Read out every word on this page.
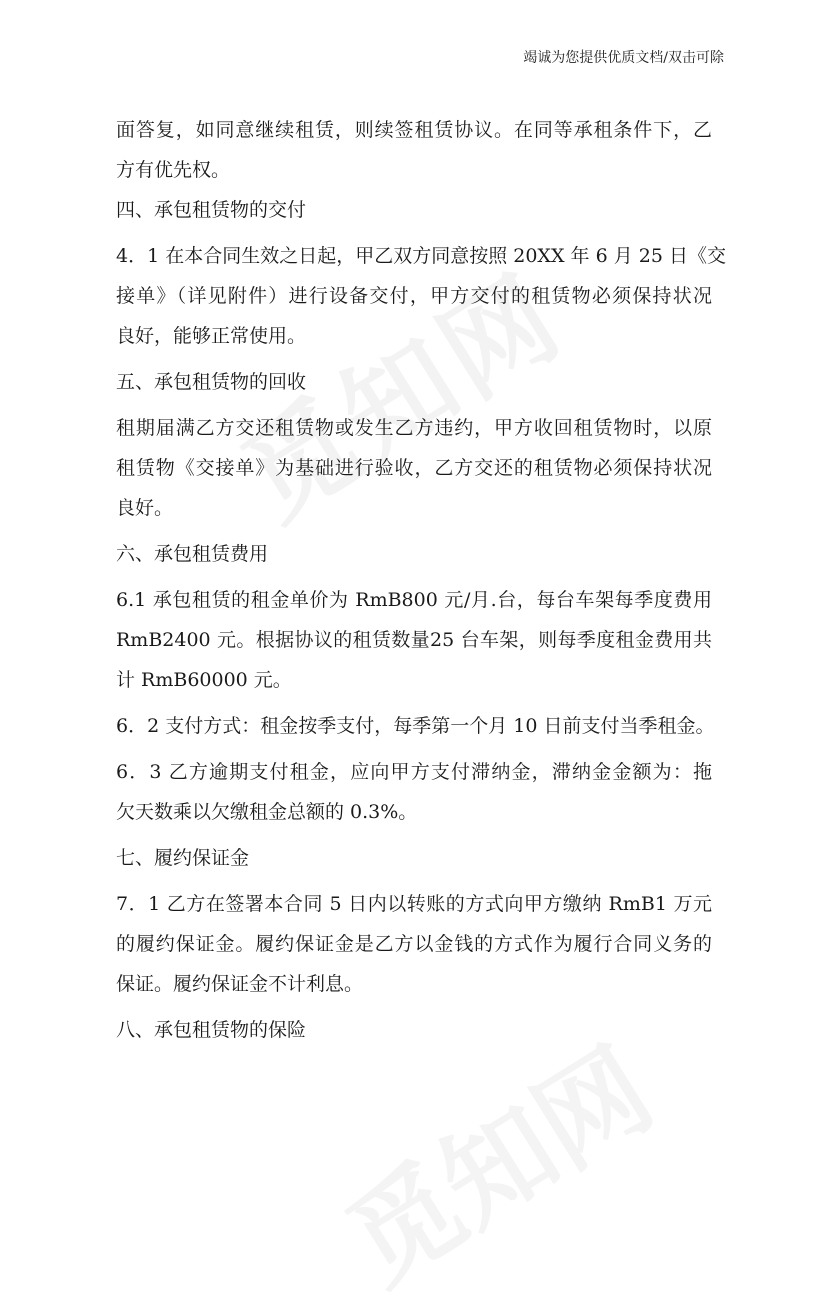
竭诚为您提供优质文档/双击可除
面答复，如同意继续租赁，则续签租赁协议。在同等承租条件下，乙
方有优先权。
四、承包租赁物的交付
4．1 在本合同生效之日起，甲乙双方同意按照 20XX 年 6 月 25 日《交
接单》（详见附件）进行设备交付，甲方交付的租赁物必须保持状况
良好，能够正常使用。
五、承包租赁物的回收
租期届满乙方交还租赁物或发生乙方违约，甲方收回租赁物时，以原
租赁物《交接单》为基础进行验收，乙方交还的租赁物必须保持状况
良好。
六、承包租赁费用
6.1 承包租赁的租金单价为 RmB800 元/月.台，每台车架每季度费用
RmB2400 元。根据协议的租赁数量25 台车架，则每季度租金费用共
计 RmB60000 元。
6．2 支付方式：租金按季支付，每季第一个月 10 日前支付当季租金。
6．3 乙方逾期支付租金，应向甲方支付滞纳金，滞纳金金额为：拖
欠天数乘以欠缴租金总额的 0.3%。
七、履约保证金
7．1 乙方在签署本合同 5 日内以转账的方式向甲方缴纳 RmB1 万元
的履约保证金。履约保证金是乙方以金钱的方式作为履行合同义务的
保证。履约保证金不计利息。
八、承包租赁物的保险
